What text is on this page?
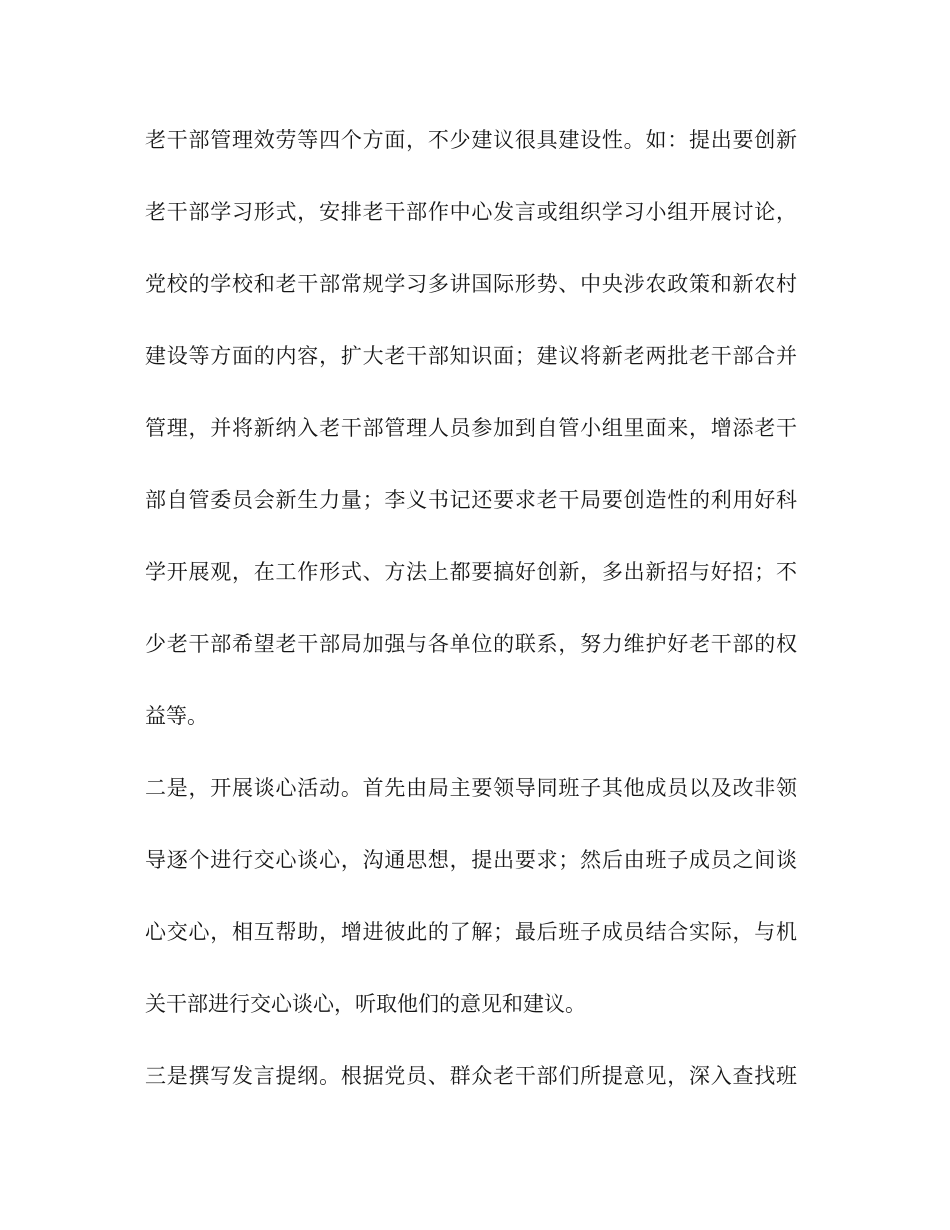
老干部管理效劳等四个方面，不少建议很具建设性。如：提出要创新
老干部学习形式，安排老干部作中心发言或组织学习小组开展讨论，
党校的学校和老干部常规学习多讲国际形势、中央涉农政策和新农村
建设等方面的内容，扩大老干部知识面；建议将新老两批老干部合并
管理，并将新纳入老干部管理人员参加到自管小组里面来，增添老干
部自管委员会新生力量；李义书记还要求老干局要创造性的利用好科
学开展观，在工作形式、方法上都要搞好创新，多出新招与好招；不
少老干部希望老干部局加强与各单位的联系，努力维护好老干部的权
益等。
二是，开展谈心活动。首先由局主要领导同班子其他成员以及改非领
导逐个进行交心谈心，沟通思想，提出要求；然后由班子成员之间谈
心交心，相互帮助，增进彼此的了解；最后班子成员结合实际，与机
关干部进行交心谈心，听取他们的意见和建议。
三是撰写发言提纲。根据党员、群众老干部们所提意见，深入查找班
